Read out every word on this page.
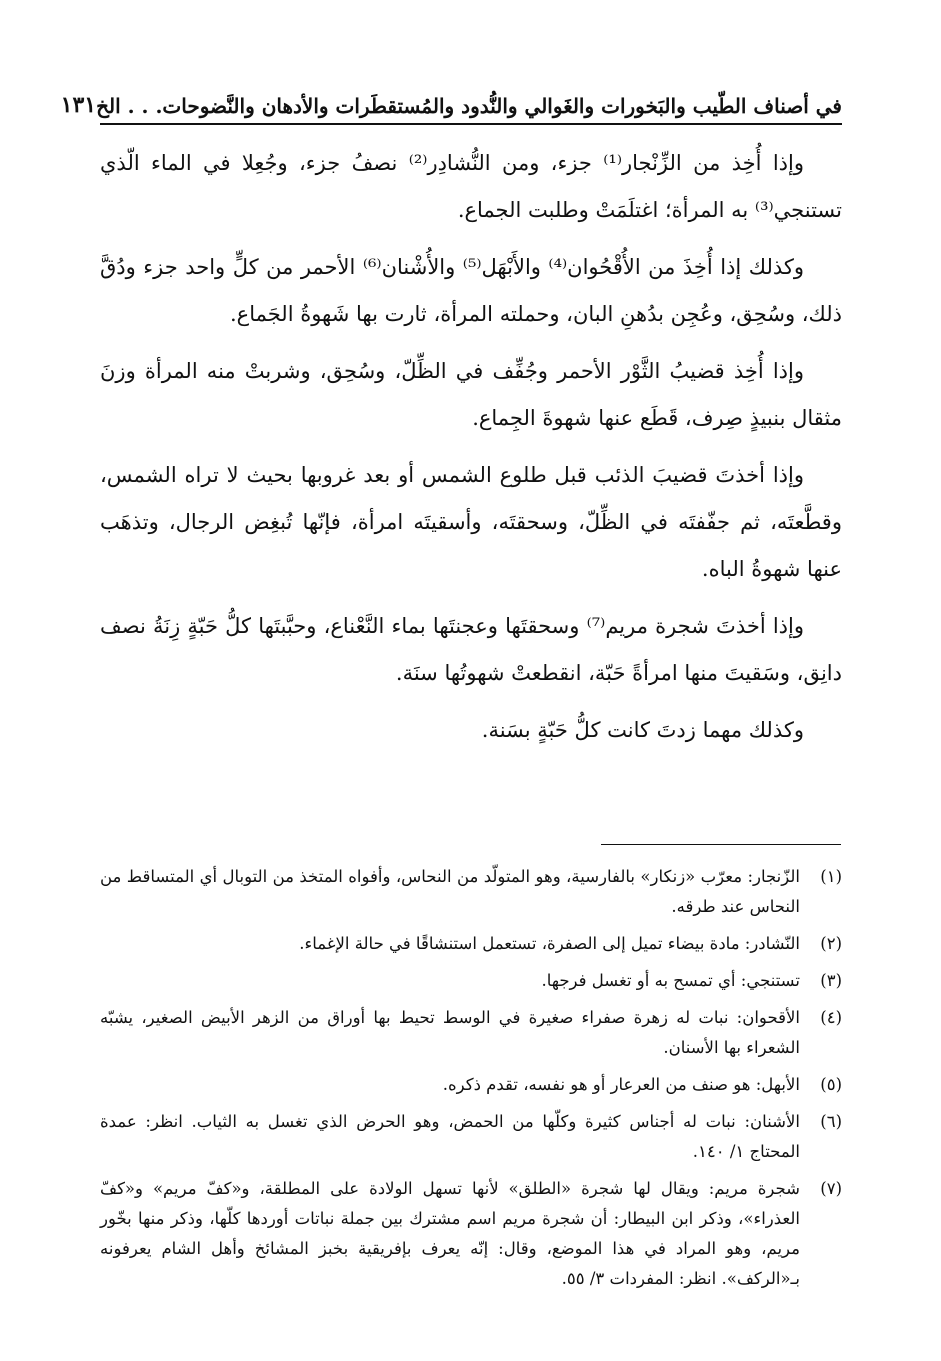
في أصناف الطّيب والبَخورات والغَوالي والنُّدود والمُستقطَرات والأدهان والنَّضوحات. . . الخ
١٣١

وإذا أُخِذ من الزِّنْجار⁽¹⁾ جزء، ومن النُّشادِر⁽²⁾ نصفُ جزء، وجُعِلا في الماء الّذي تستنجي⁽³⁾ به المرأة؛ اغتلَمَتْ وطلبت الجماع.

وكذلك إذا أُخِذَ من الأُقْحُوان⁽⁴⁾ والأَبْهَل⁽⁵⁾ والأُشْنان⁽⁶⁾ الأحمر من كلٍّ واحد جزء ودُقَّ ذلك، وسُحِق، وعُجِن بدُهنِ البان، وحملته المرأة، ثارت بها شَهوةُ الجَماع.

وإذا أُخِذ قضيبُ الثَّوْر الأحمر وجُفِّف في الظِّلّ، وسُحِق، وشربتْ منه المرأة وزنَ مثقال بنبيذٍ صِرف، قَطَع عنها شهوةَ الجِماع.

وإذا أخذتَ قضيبَ الذئب قبل طلوع الشمس أو بعد غروبها بحيث لا تراه الشمس، وقطَّعتَه، ثم جفّفتَه في الظِّلّ، وسحقتَه، وأسقيتَه امرأة، فإنّها تُبغِض الرجال، وتذهَب عنها شهوةُ الباه.

وإذا أخذتَ شجرة مريم⁽⁷⁾ وسحقتَها وعجنتَها بماء النَّعْناع، وحبَّبتَها كلُّ حَبّةٍ زِنَةُ نصف دانِق، وسَقيتَ منها امرأةً حَبّة، انقطعتْ شهوتُها سنَة.

وكذلك مهما زدتَ كانت كلُّ حَبّةٍ بسَنة.

(١)
الزّنجار: معرّب «زنكار» بالفارسية، وهو المتولّد من النحاس، وأفواه المتخذ من التوبال أي المتساقط من النحاس عند طرقه.
(٢)
النّشادر: مادة بيضاء تميل إلى الصفرة، تستعمل استنشاقًا في حالة الإغماء.
(٣)
تستنجي: أي تمسح به أو تغسل فرجها.
(٤)
الأقحوان: نبات له زهرة صفراء صغيرة في الوسط تحيط بها أوراق من الزهر الأبيض الصغير، يشبّه الشعراء بها الأسنان.
(٥)
الأبهل: هو صنف من العرعار أو هو نفسه، تقدم ذكره.
(٦)
الأشنان: نبات له أجناس كثيرة وكلّها من الحمض، وهو الحرض الذي تغسل به الثياب. انظر: عمدة المحتاج ١/ ١٤٠.
(٧)
شجرة مريم: ويقال لها شجرة «الطلق» لأنها تسهل الولادة على المطلقة، و«كفّ مريم» و«كفّ العذراء»، وذكر ابن البيطار: أن شجرة مريم اسم مشترك بين جملة نباتات أوردها كلّها، وذكر منها بخّور مريم، وهو المراد في هذا الموضع، وقال: إنّه يعرف بإفريقية بخبز المشائخ وأهل الشام يعرفونه بـ«الركف». انظر: المفردات ٣/ ٥٥.
